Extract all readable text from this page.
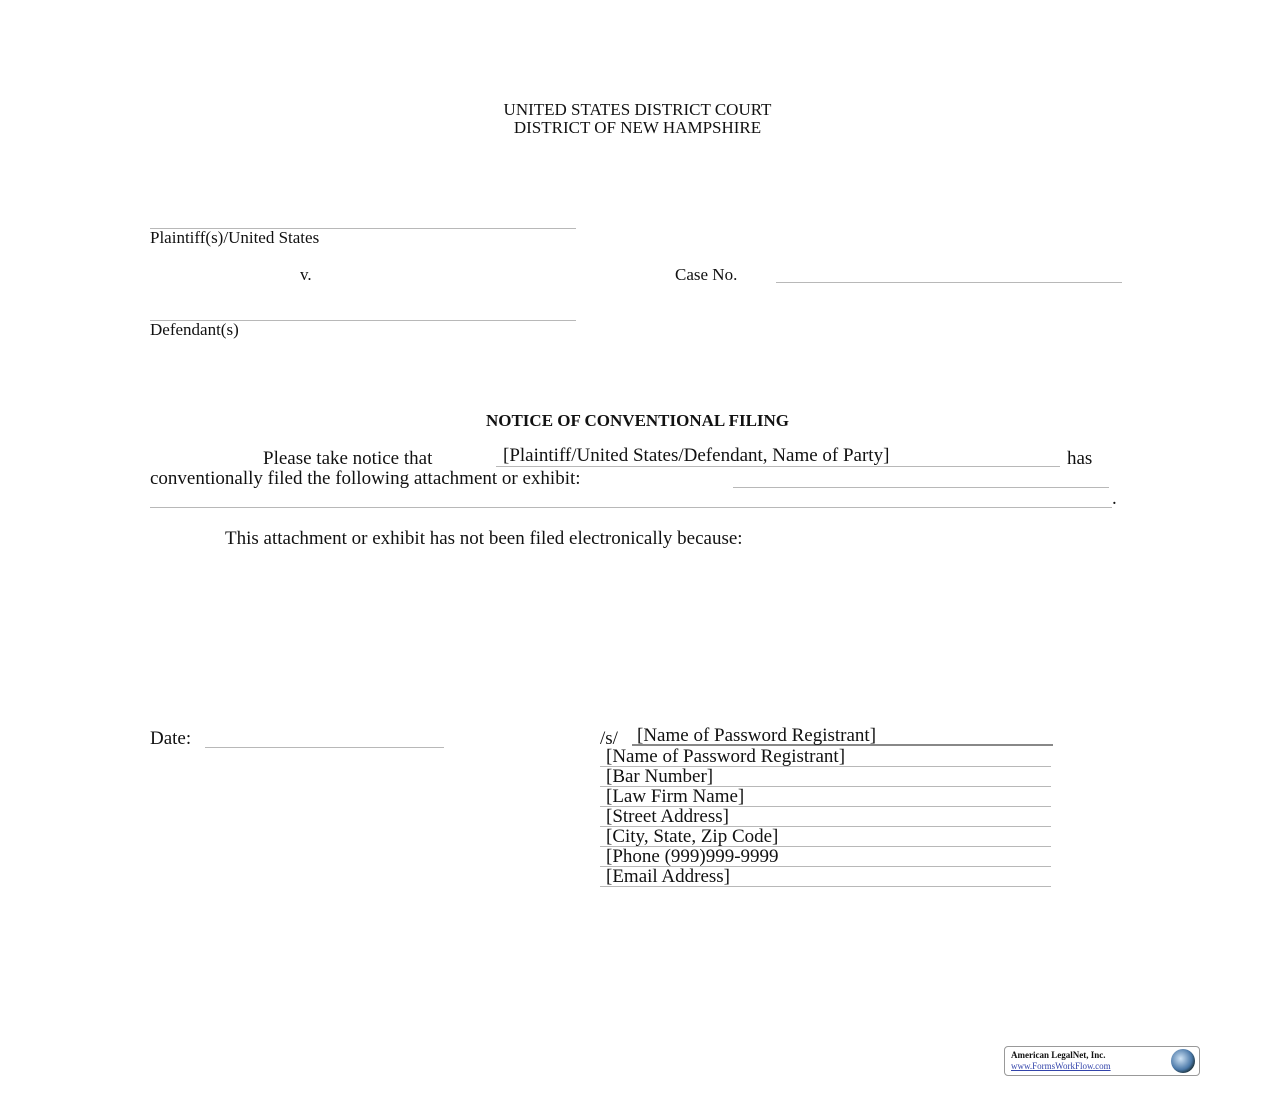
UNITED STATES DISTRICT COURT
DISTRICT OF NEW HAMPSHIRE
Plaintiff(s)/United States
v.	Case No.
Defendant(s)
NOTICE OF CONVENTIONAL FILING
Please take notice that	[Plaintiff/United States/Defendant, Name of Party]	has
conventionally filed the following attachment or exhibit:
.
This attachment or exhibit has not been filed electronically because:
Date:	/s/ [Name of Password Registrant]
[Name of Password Registrant]
[Bar Number]
[Law Firm Name]
[Street Address]
[City, State, Zip Code]
[Phone (999)999-9999
[Email Address]
American LegalNet, Inc.
www.FormsWorkFlow.com
